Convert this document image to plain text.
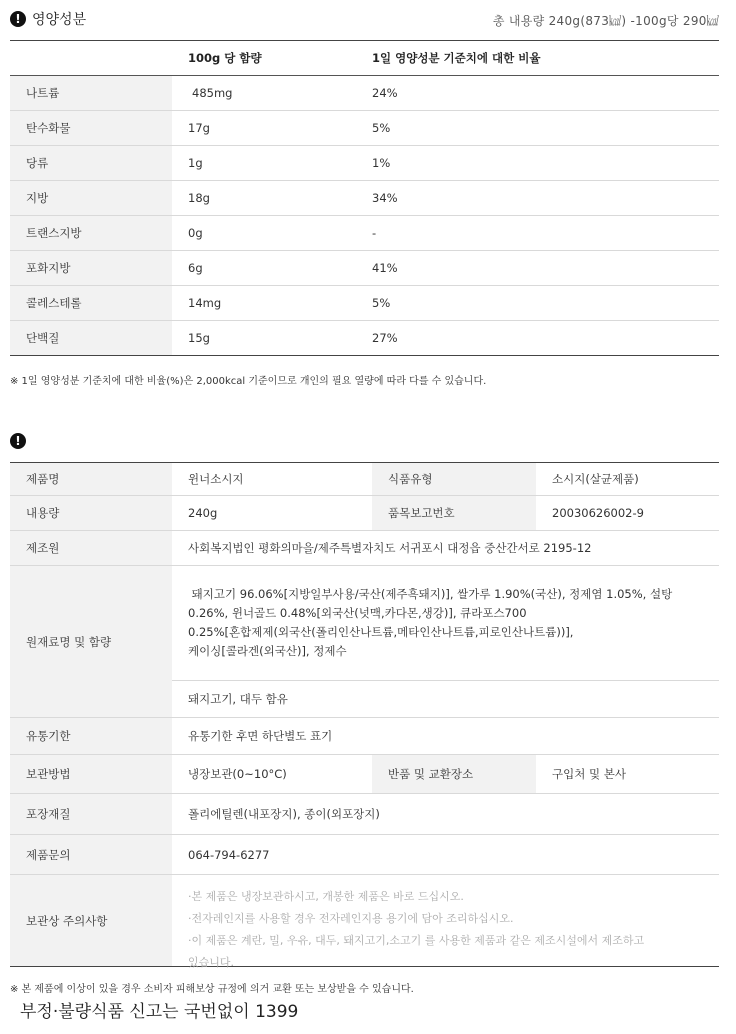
! 영양성분	총 내용량 240g(873㎉) -100g당 290㎉
	100g 당 함량	1일 영양성분 기준치에 대한 비율
나트륨	485mg	24%
탄수화물	17g	5%
당류	1g	1%
지방	18g	34%
트랜스지방	0g	-
포화지방	6g	41%
콜레스테롤	14mg	5%
단백질	15g	27%
※ 1일 영양성분 기준치에 대한 비율(%)은 2,000kcal 기준이므로 개인의 필요 열량에 따라 다를 수 있습니다.
!
제품명	윈너소시지	식품유형	소시지(살균제품)
내용량	240g	품목보고번호	20030626002-9
제조원	사회복지법인 평화의마을/제주특별자치도 서귀포시 대정읍 중산간서로 2195-12		
원재료명 및 함량	돼지고기 96.06%[지방일부사용/국산(제주흑돼지)], 쌀가루 1.90%(국산), 정제염 1.05%, 설탕
0.26%, 윈너골드 0.48%[외국산(넛맥,카다몬,생강)], 큐라포스700
0.25%[혼합제제(외국산(폴리인산나트륨,메타인산나트륨,피로인산나트륨))],
케이싱[콜라겐(외국산)], 정제수		

	돼지고기, 대두 함유		
유통기한	유통기한 후면 하단별도 표기		
보관방법	냉장보관(0~10°C)	반품 및 교환장소	구입처 및 본사
포장재질	폴리에틸렌(내포장지), 종이(외포장지)		
제품문의	064-794-6277		
보관상 주의사항	·본 제품은 냉장보관하시고, 개봉한 제품은 바로 드십시오.
·전자레인지를 사용할 경우 전자레인지용 용기에 담아 조리하십시오.
·이 제품은 계란, 밀, 우유, 대두, 돼지고기,소고기 를 사용한 제품과 같은 제조시설에서 제조하고
있습니다.		
※ 본 제품에 이상이 있을 경우 소비자 피해보상 규정에 의거 교환 또는 보상받을 수 있습니다.
부정·불량식품 신고는 국번없이 1399
